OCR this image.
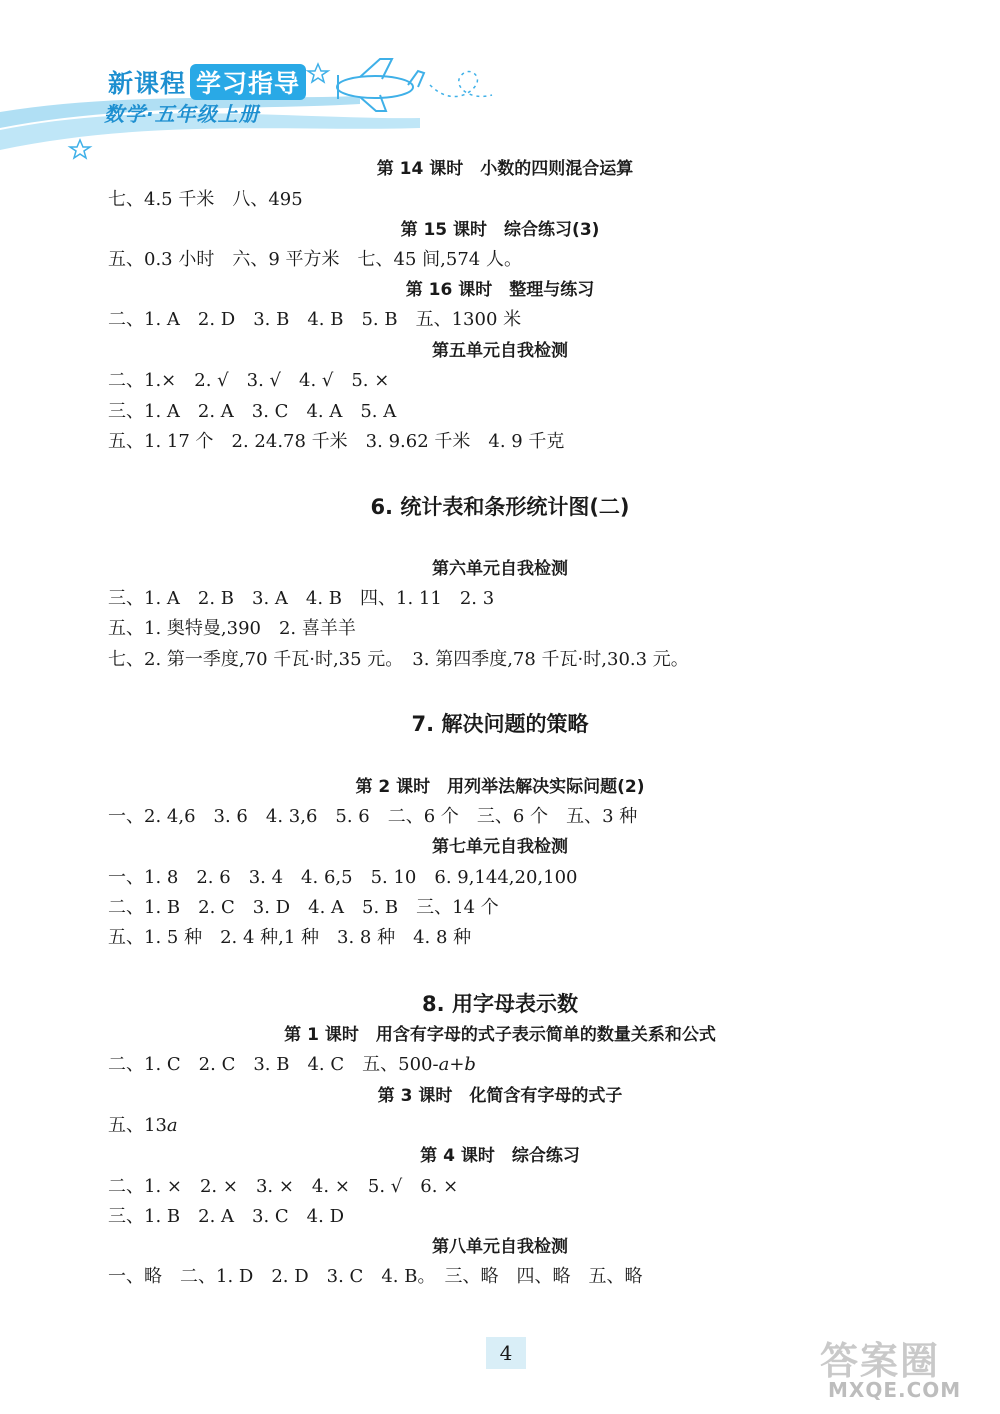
新课程 学习指导
数学·五年级上册
第 14 课时　小数的四则混合运算
七、4.5 千米　八、495
第 15 课时　综合练习(3)
五、0.3 小时　六、9 平方米　七、45 间,574 人。
第 16 课时　整理与练习
二、1. A　2. D　3. B　4. B　5. B　五、1300 米
第五单元自我检测
二、1.×　2. √　3. √　4. √　5. ×
三、1. A　2. A　3. C　4. A　5. A
五、1. 17 个　2. 24.78 千米　3. 9.62 千米　4. 9 千克
6. 统计表和条形统计图(二)
第六单元自我检测
三、1. A　2. B　3. A　4. B　四、1. 11　2. 3
五、1. 奥特曼,390　2. 喜羊羊
七、2. 第一季度,70 千瓦·时,35 元。　3. 第四季度,78 千瓦·时,30.3 元。
7. 解决问题的策略
第 2 课时　用列举法解决实际问题(2)
一、2. 4,6　3. 6　4. 3,6　5. 6　二、6 个　三、6 个　五、3 种
第七单元自我检测
一、1. 8　2. 6　3. 4　4. 6,5　5. 10　6. 9,144,20,100
二、1. B　2. C　3. D　4. A　5. B　三、14 个
五、1. 5 种　2. 4 种,1 种　3. 8 种　4. 8 种
8. 用字母表示数
第 1 课时　用含有字母的式子表示简单的数量关系和公式
二、1. C　2. C　3. B　4. C　五、500-a+b
第 3 课时　化简含有字母的式子
五、13a
第 4 课时　综合练习
二、1. ×　2. ×　3. ×　4. ×　5. √　6. ×
三、1. B　2. A　3. C　4. D
第八单元自我检测
一、略　二、1. D　2. D　3. C　4. B。　三、略　四、略　五、略
4	答案圈
MXQE.COM
